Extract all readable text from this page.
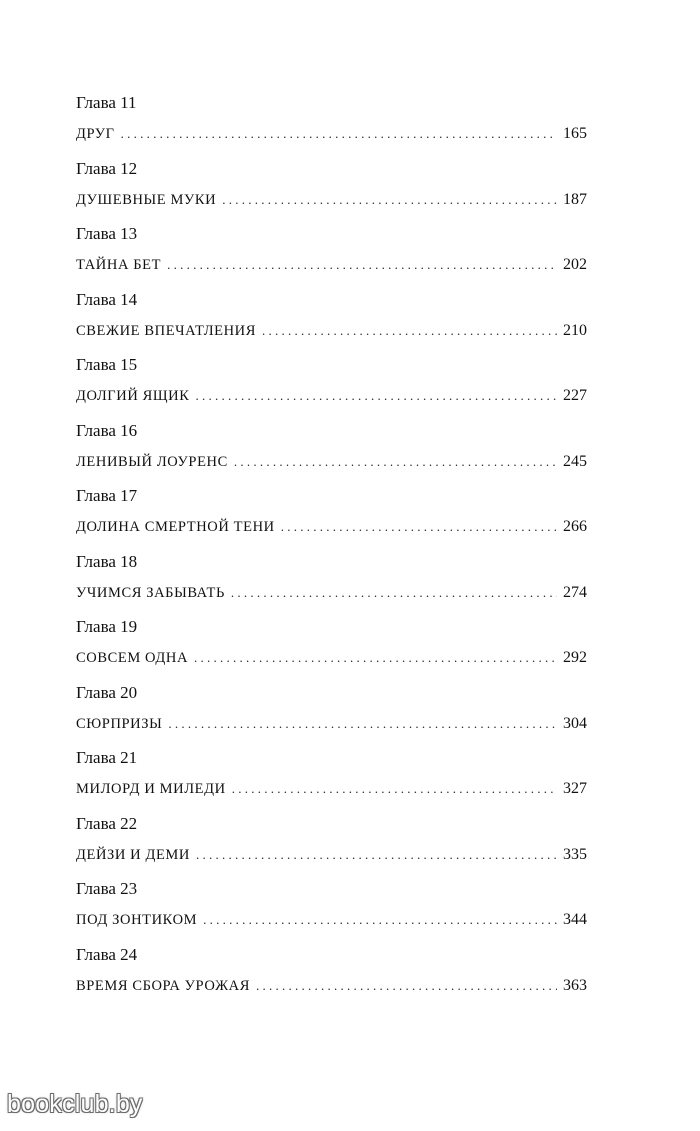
Глава 11
ДРУГ . . .	165
Глава 12
ДУШЕВНЫЕ МУКИ . . .	187
Глава 13
ТАЙНА БЕТ . . .	202
Глава 14
СВЕЖИЕ ВПЕЧАТЛЕНИЯ . . .	210
Глава 15
ДОЛГИЙ ЯЩИК . . .	227
Глава 16
ЛЕНИВЫЙ ЛОУРЕНС . . .	245
Глава 17
ДОЛИНА СМЕРТНОЙ ТЕНИ . . .	266
Глава 18
УЧИМСЯ ЗАБЫВАТЬ . . .	274
Глава 19
СОВСЕМ ОДНА . . .	292
Глава 20
СЮРПРИЗЫ . . .	304
Глава 21
МИЛОРД И МИЛЕДИ . . .	327
Глава 22
ДЕЙЗИ И ДЕМИ . . .	335
Глава 23
ПОД ЗОНТИКОМ . . .	344
Глава 24
ВРЕМЯ СБОРА УРОЖАЯ . . .	363
bookclub.by
